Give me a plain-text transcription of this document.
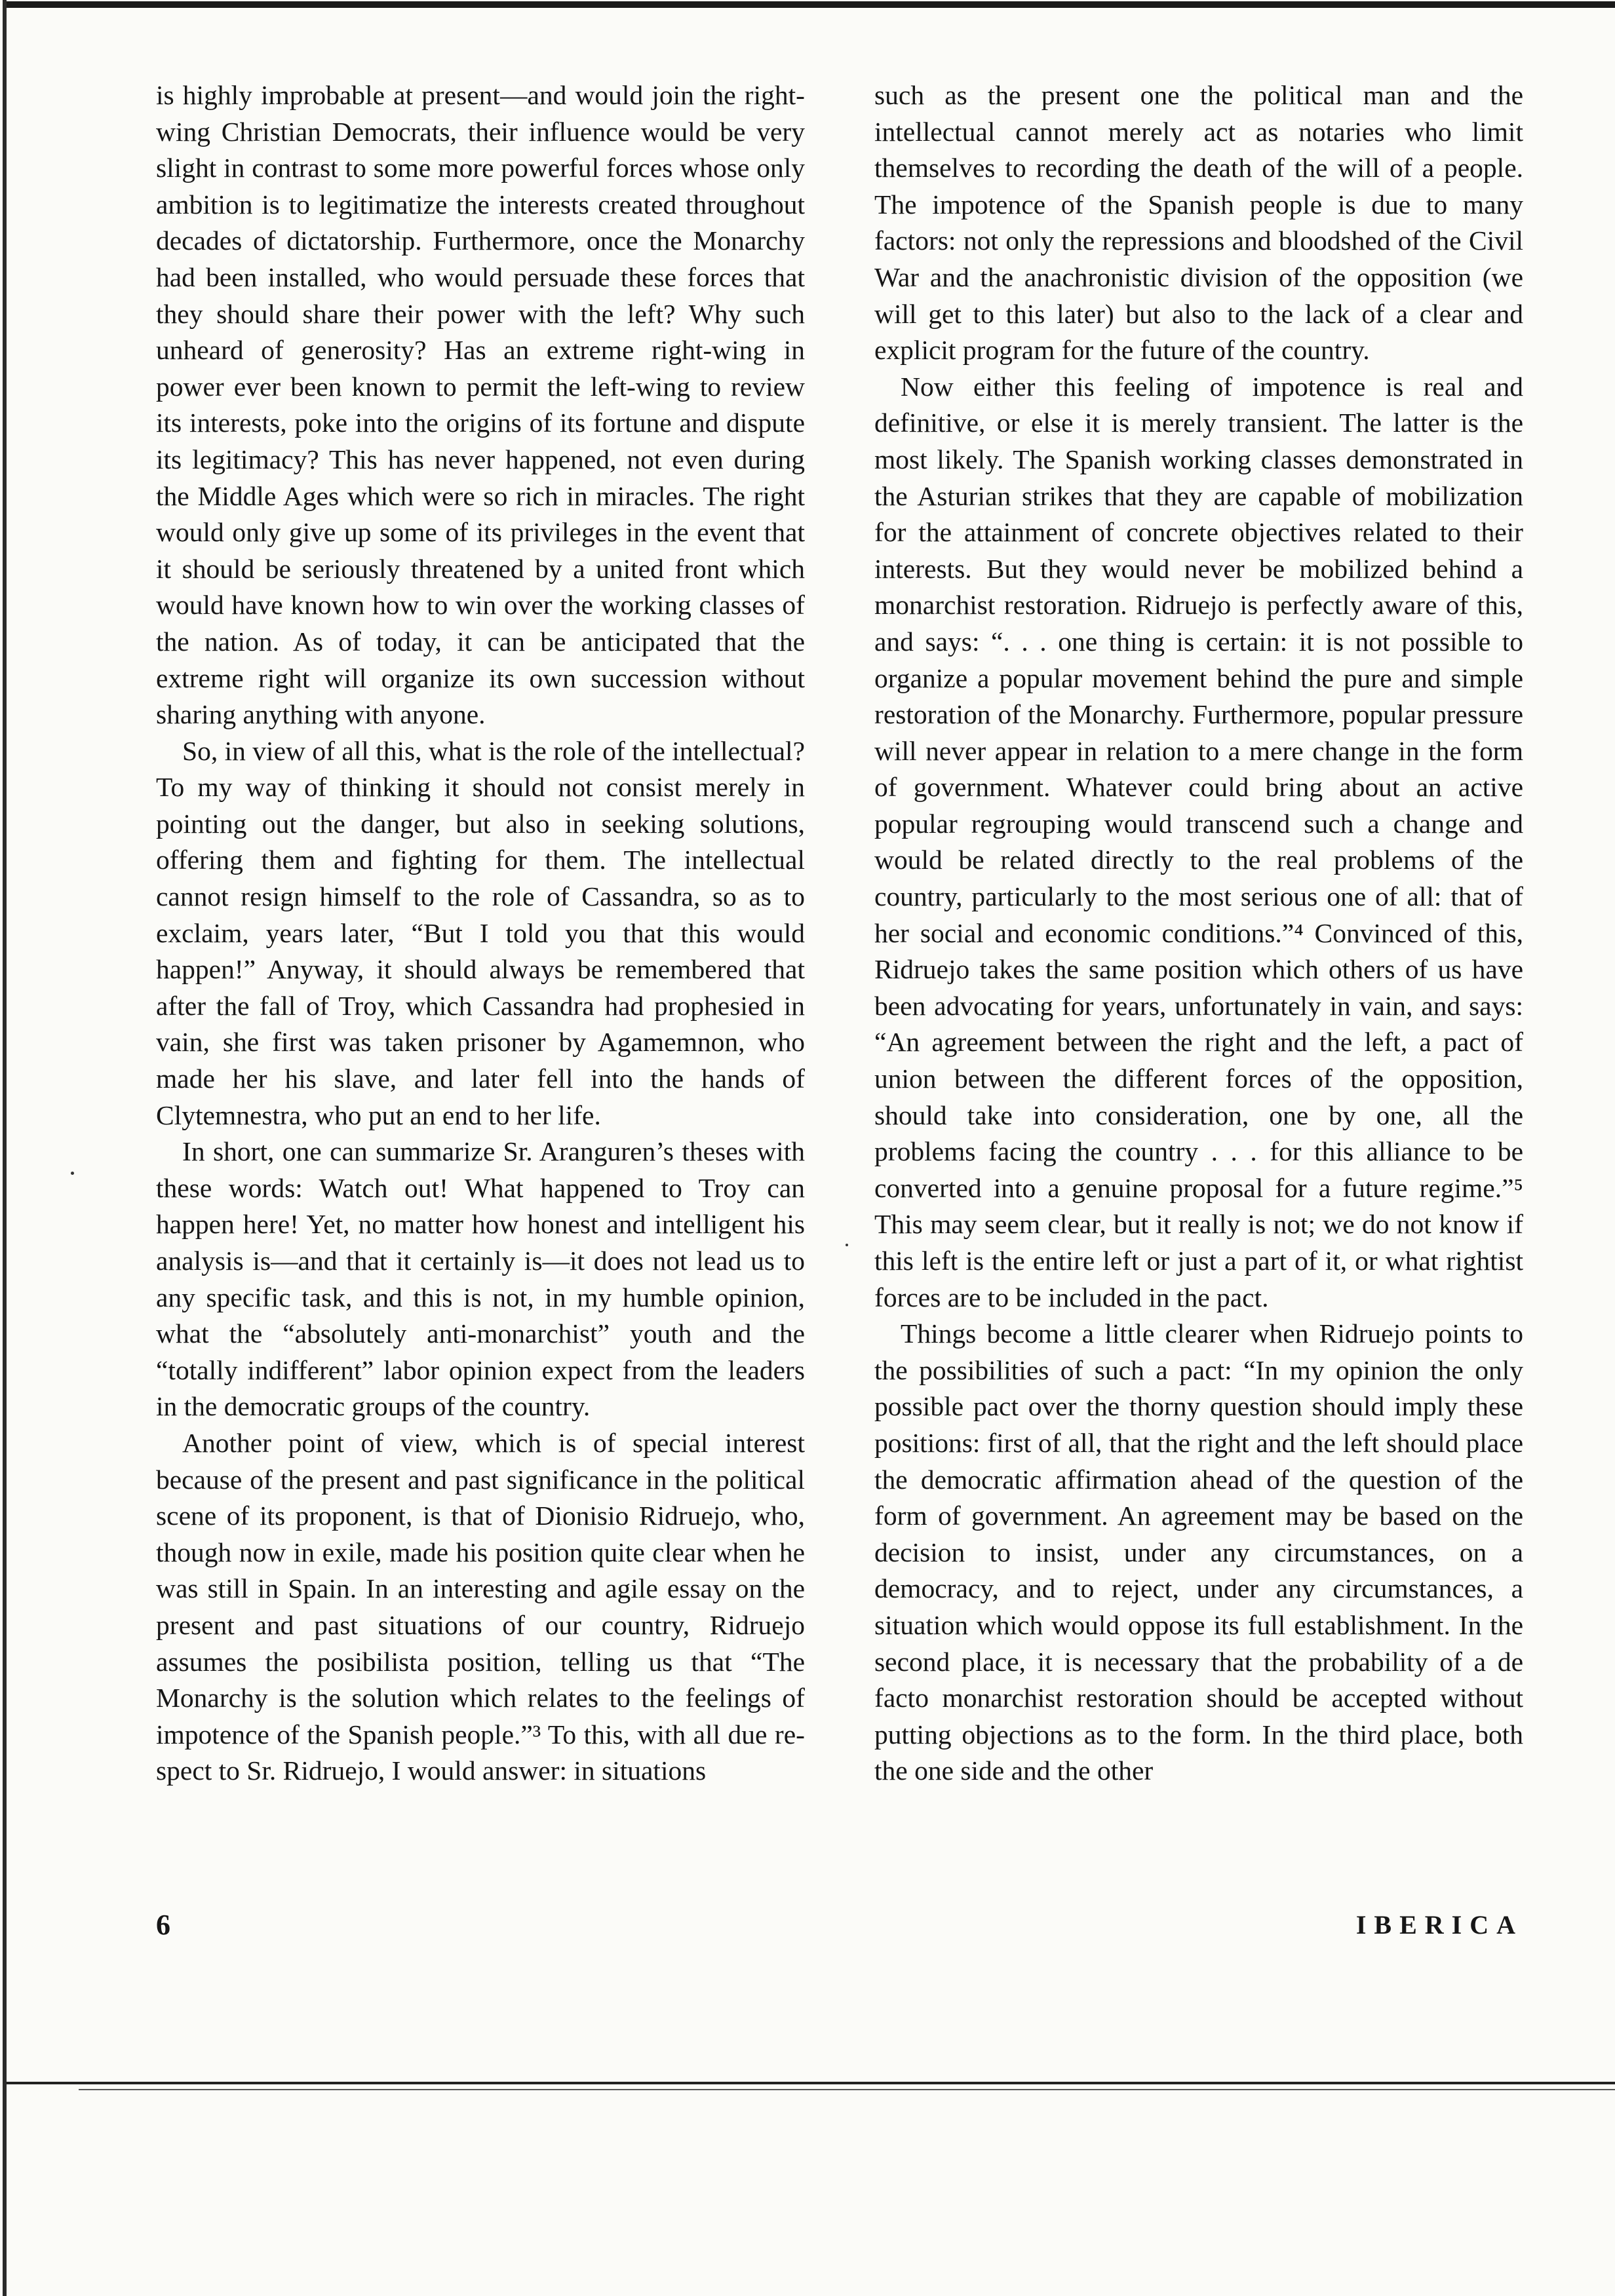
is highly improbable at present—and would join the right-wing Christian Democrats, their influence would be very slight in contrast to some more powerful forces whose only ambition is to legitimatize the interests created throughout decades of dictatorship. Furthermore, once the Monarchy had been installed, who would persuade these forces that they should share their power with the left? Why such unheard of generosity? Has an extreme right-wing in power ever been known to permit the left-wing to review its interests, poke into the origins of its fortune and dispute its legitimacy? This has never happened, not even during the Middle Ages which were so rich in miracles. The right would only give up some of its privileges in the event that it should be seriously threatened by a united front which would have known how to win over the working classes of the nation. As of today, it can be anticipated that the extreme right will organize its own succession without sharing anything with anyone.

So, in view of all this, what is the role of the intellectual? To my way of thinking it should not consist merely in pointing out the danger, but also in seeking solutions, offering them and fighting for them. The intellectual cannot resign himself to the role of Cassandra, so as to exclaim, years later, “But I told you that this would happen!” Anyway, it should always be remembered that after the fall of Troy, which Cassandra had prophesied in vain, she first was taken prisoner by Agamemnon, who made her his slave, and later fell into the hands of Clytemnestra, who put an end to her life.

In short, one can summarize Sr. Aranguren’s theses with these words: Watch out! What happened to Troy can happen here! Yet, no matter how honest and intelligent his analysis is—and that it certainly is—it does not lead us to any specific task, and this is not, in my humble opinion, what the “absolutely anti-monarchist” youth and the “totally indifferent” labor opinion expect from the leaders in the democratic groups of the country.

Another point of view, which is of special interest because of the present and past significance in the political scene of its proponent, is that of Dionisio Ridruejo, who, though now in exile, made his position quite clear when he was still in Spain. In an interesting and agile essay on the present and past situations of our country, Ridruejo assumes the posibilista position, telling us that “The Monarchy is the solution which relates to the feelings of impotence of the Spanish people.”³ To this, with all due respect to Sr. Ridruejo, I would answer: in situations

such as the present one the political man and the intellectual cannot merely act as notaries who limit themselves to recording the death of the will of a people. The impotence of the Spanish people is due to many factors: not only the repressions and bloodshed of the Civil War and the anachronistic division of the opposition (we will get to this later) but also to the lack of a clear and explicit program for the future of the country.

Now either this feeling of impotence is real and definitive, or else it is merely transient. The latter is the most likely. The Spanish working classes demonstrated in the Asturian strikes that they are capable of mobilization for the attainment of concrete objectives related to their interests. But they would never be mobilized behind a monarchist restoration. Ridruejo is perfectly aware of this, and says: “. . . one thing is certain: it is not possible to organize a popular movement behind the pure and simple restoration of the Monarchy. Furthermore, popular pressure will never appear in relation to a mere change in the form of government. Whatever could bring about an active popular regrouping would transcend such a change and would be related directly to the real problems of the country, particularly to the most serious one of all: that of her social and economic conditions.”⁴ Convinced of this, Ridruejo takes the same position which others of us have been advocating for years, unfortunately in vain, and says: “An agreement between the right and the left, a pact of union between the different forces of the opposition, should take into consideration, one by one, all the problems facing the country . . . for this alliance to be converted into a genuine proposal for a future regime.”⁵ This may seem clear, but it really is not; we do not know if this left is the entire left or just a part of it, or what rightist forces are to be included in the pact.

Things become a little clearer when Ridruejo points to the possibilities of such a pact: “In my opinion the only possible pact over the thorny question should imply these positions: first of all, that the right and the left should place the democratic affirmation ahead of the question of the form of government. An agreement may be based on the decision to insist, under any circumstances, on a democracy, and to reject, under any circumstances, a situation which would oppose its full establishment. In the second place, it is necessary that the probability of a de facto monarchist restoration should be accepted without putting objections as to the form. In the third place, both the one side and the other

6	IBERICA
